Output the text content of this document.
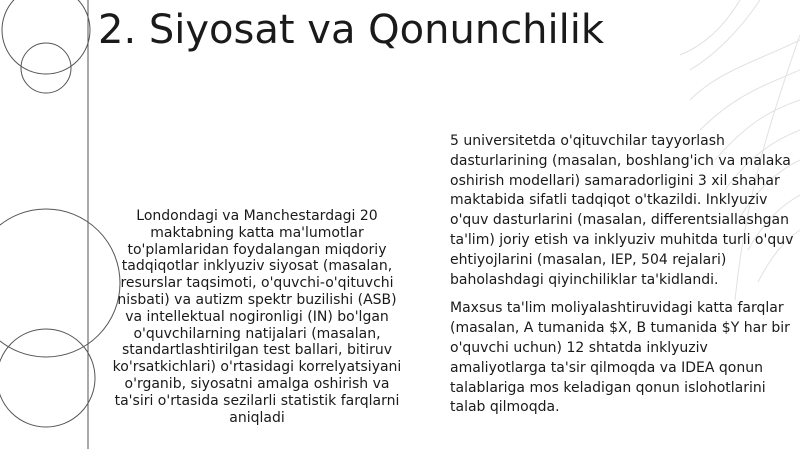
2. Siyosat va Qonunchilik

Londondagi va Manchestardagi 20 maktabning katta ma'lumotlar to'plamlaridan foydalangan miqdoriy tadqiqotlar inklyuziv siyosat (masalan, resurslar taqsimoti, o'quvchi-o'qituvchi nisbati) va autizm spektr buzilishi (ASB) va intellektual nogironligi (IN) bo'lgan o'quvchilarning natijalari (masalan, standartlashtirilgan test ballari, bitiruv ko'rsatkichlari) o'rtasidagi korrelyatsiyani o'rganib, siyosatni amalga oshirish va ta'siri o'rtasida sezilarli statistik farqlarni aniqladi

5 universitetda o'qituvchilar tayyorlash dasturlarining (masalan, boshlang'ich va malaka oshirish modellari) samaradorligini 3 xil shahar maktabida sifatli tadqiqot o'tkazildi. Inklyuziv o'quv dasturlarini (masalan, differentsiallashgan ta'lim) joriy etish va inklyuziv muhitda turli o'quv ehtiyojlarini (masalan, IEP, 504 rejalari) baholashdagi qiyinchiliklar ta'kidlandi.

Maxsus ta'lim moliyalashtiruvidagi katta farqlar (masalan, A tumanida $X, B tumanida $Y har bir o'quvchi uchun) 12 shtatda inklyuziv amaliyotlarga ta'sir qilmoqda va IDEA qonun talablariga mos keladigan qonun islohotlarini talab qilmoqda.
